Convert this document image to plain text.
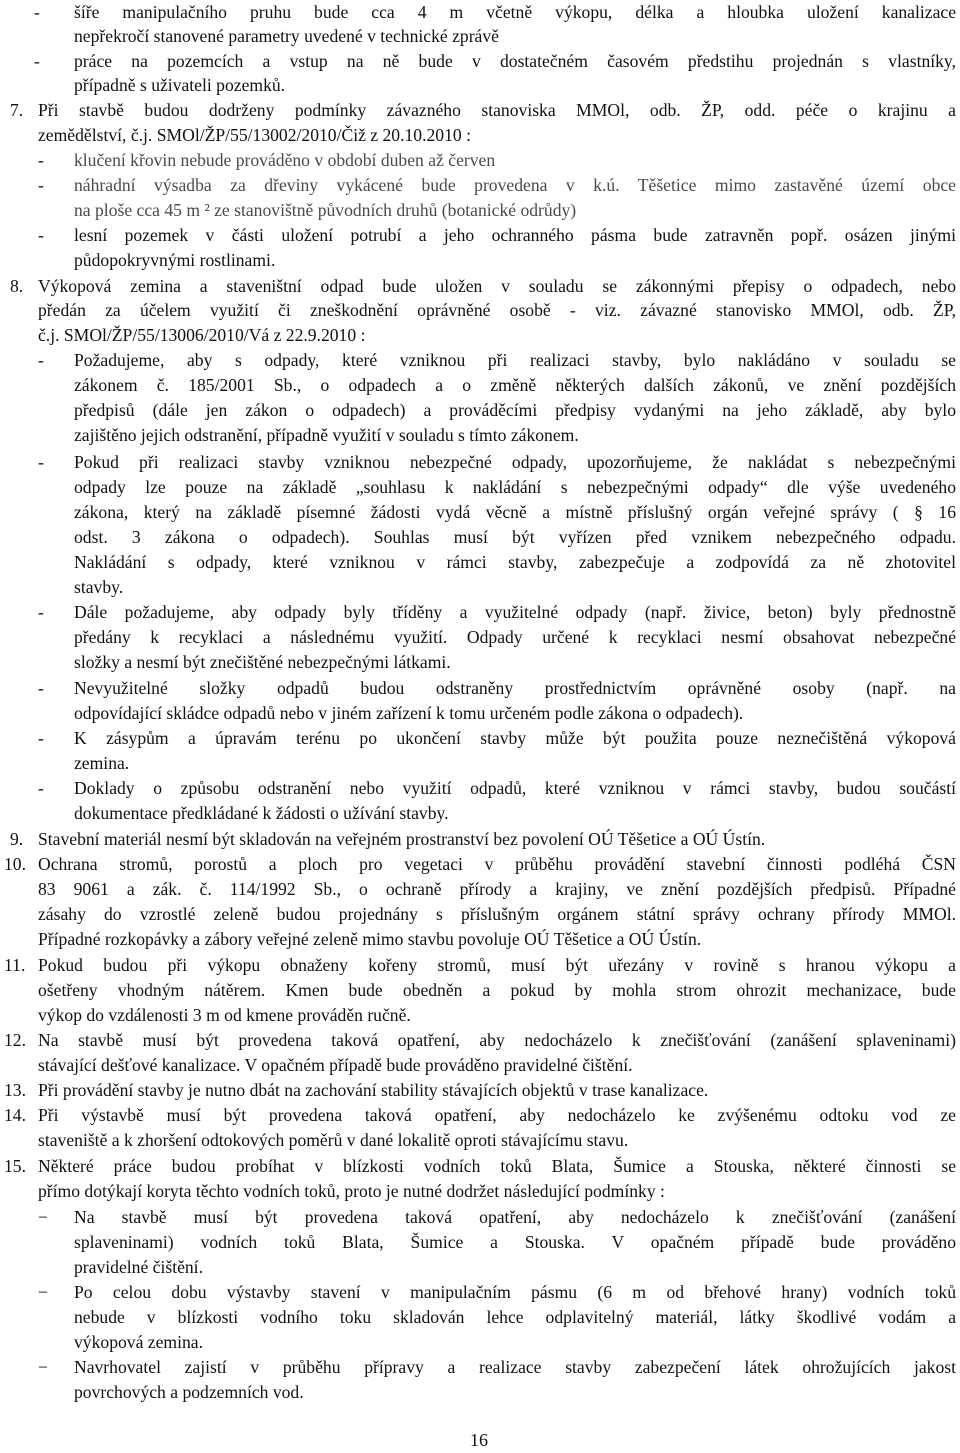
- šíře manipulačního pruhu bude cca 4 m včetně výkopu, délka a hloubka uložení kanalizace
nepřekročí stanovené parametry uvedené v technické zprávě
- práce na pozemcích a vstup na ně bude v dostatečném časovém předstihu projednán s vlastníky,
případně s uživateli pozemků.
7. Při stavbě budou dodrženy podmínky závazného stanoviska MMOl, odb. ŽP, odd. péče o krajinu a
zemědělství, č.j. SMOl/ŽP/55/13002/2010/Čiž z 20.10.2010 :
- klučení křovin nebude prováděno v období duben až červen
- náhradní výsadba za dřeviny vykácené bude provedena v k.ú. Těšetice mimo zastavěné území obce
na ploše cca 45 m ² ze stanovištně původních druhů (botanické odrůdy)
- lesní pozemek v části uložení potrubí a jeho ochranného pásma bude zatravněn popř. osázen jinými
půdopokryvnými rostlinami.
8. Výkopová zemina a staveništní odpad bude uložen v souladu se zákonnými přepisy o odpadech, nebo
předán za účelem využití či zneškodnění oprávněné osobě - viz. závazné stanovisko MMOl, odb. ŽP,
č.j. SMOl/ŽP/55/13006/2010/Vá z 22.9.2010 :
- Požadujeme, aby s odpady, které vzniknou při realizaci stavby, bylo nakládáno v souladu se
zákonem č. 185/2001 Sb., o odpadech a o změně některých dalších zákonů, ve znění pozdějších
předpisů (dále jen zákon o odpadech) a prováděcími předpisy vydanými na jeho základě, aby bylo
zajištěno jejich odstranění, případně využití v souladu s tímto zákonem.
- Pokud při realizaci stavby vzniknou nebezpečné odpady, upozorňujeme, že nakládat s nebezpečnými
odpady lze pouze na základě „souhlasu k nakládání s nebezpečnými odpady“ dle výše uvedeného
zákona, který na základě písemné žádosti vydá věcně a místně příslušný orgán veřejné správy ( § 16
odst. 3 zákona o odpadech). Souhlas musí být vyřízen před vznikem nebezpečného odpadu.
Nakládání s odpady, které vzniknou v rámci stavby, zabezpečuje a zodpovídá za ně zhotovitel
stavby.
- Dále požadujeme, aby odpady byly tříděny a využitelné odpady (např. živice, beton) byly přednostně
předány k recyklaci a následnému využití. Odpady určené k recyklaci nesmí obsahovat nebezpečné
složky a nesmí být znečištěné nebezpečnými látkami.
- Nevyužitelné složky odpadů budou odstraněny prostřednictvím oprávněné osoby (např. na
odpovídající skládce odpadů nebo v jiném zařízení k tomu určeném podle zákona o odpadech).
- K zásypům a úpravám terénu po ukončení stavby může být použita pouze neznečištěná výkopová
zemina.
- Doklady o způsobu odstranění nebo využití odpadů, které vzniknou v rámci stavby, budou součástí
dokumentace předkládané k žádosti o užívání stavby.
9. Stavební materiál nesmí být skladován na veřejném prostranství bez povolení OÚ Těšetice a OÚ Ústín.
10. Ochrana stromů, porostů a ploch pro vegetaci v průběhu provádění stavební činnosti podléhá ČSN
83 9061 a zák. č. 114/1992 Sb., o ochraně přírody a krajiny, ve znění pozdějších předpisů. Případné
zásahy do vzrostlé zeleně budou projednány s příslušným orgánem státní správy ochrany přírody MMOl.
Případné rozkopávky a zábory veřejné zeleně mimo stavbu povoluje OÚ Těšetice a OÚ Ústín.
11. Pokud budou při výkopu obnaženy kořeny stromů, musí být uřezány v rovině s hranou výkopu a
ošetřeny vhodným nátěrem. Kmen bude obedněn a pokud by mohla strom ohrozit mechanizace, bude
výkop do vzdálenosti 3 m od kmene prováděn ručně.
12. Na stavbě musí být provedena taková opatření, aby nedocházelo k znečišťování (zanášení splaveninami)
stávající dešťové kanalizace. V opačném případě bude prováděno pravidelné čištění.
13. Při provádění stavby je nutno dbát na zachování stability stávajících objektů v trase kanalizace.
14. Při výstavbě musí být provedena taková opatření, aby nedocházelo ke zvýšenému odtoku vod ze
staveniště a k zhoršení odtokových poměrů v dané lokalitě oproti stávajícímu stavu.
15. Některé práce budou probíhat v blízkosti vodních toků Blata, Šumice a Stouska, některé činnosti se
přímo dotýkají koryta těchto vodních toků, proto je nutné dodržet následující podmínky :
− Na stavbě musí být provedena taková opatření, aby nedocházelo k znečišťování (zanášení
splaveninami) vodních toků Blata, Šumice a Stouska. V opačném případě bude prováděno
pravidelné čištění.
− Po celou dobu výstavby stavení v manipulačním pásmu (6 m od břehové hrany) vodních toků
nebude v blízkosti vodního toku skladován lehce odplavitelný materiál, látky škodlivé vodám a
výkopová zemina.
− Navrhovatel zajistí v průběhu přípravy a realizace stavby zabezpečení látek ohrožujících jakost
povrchových a podzemních vod.
16
